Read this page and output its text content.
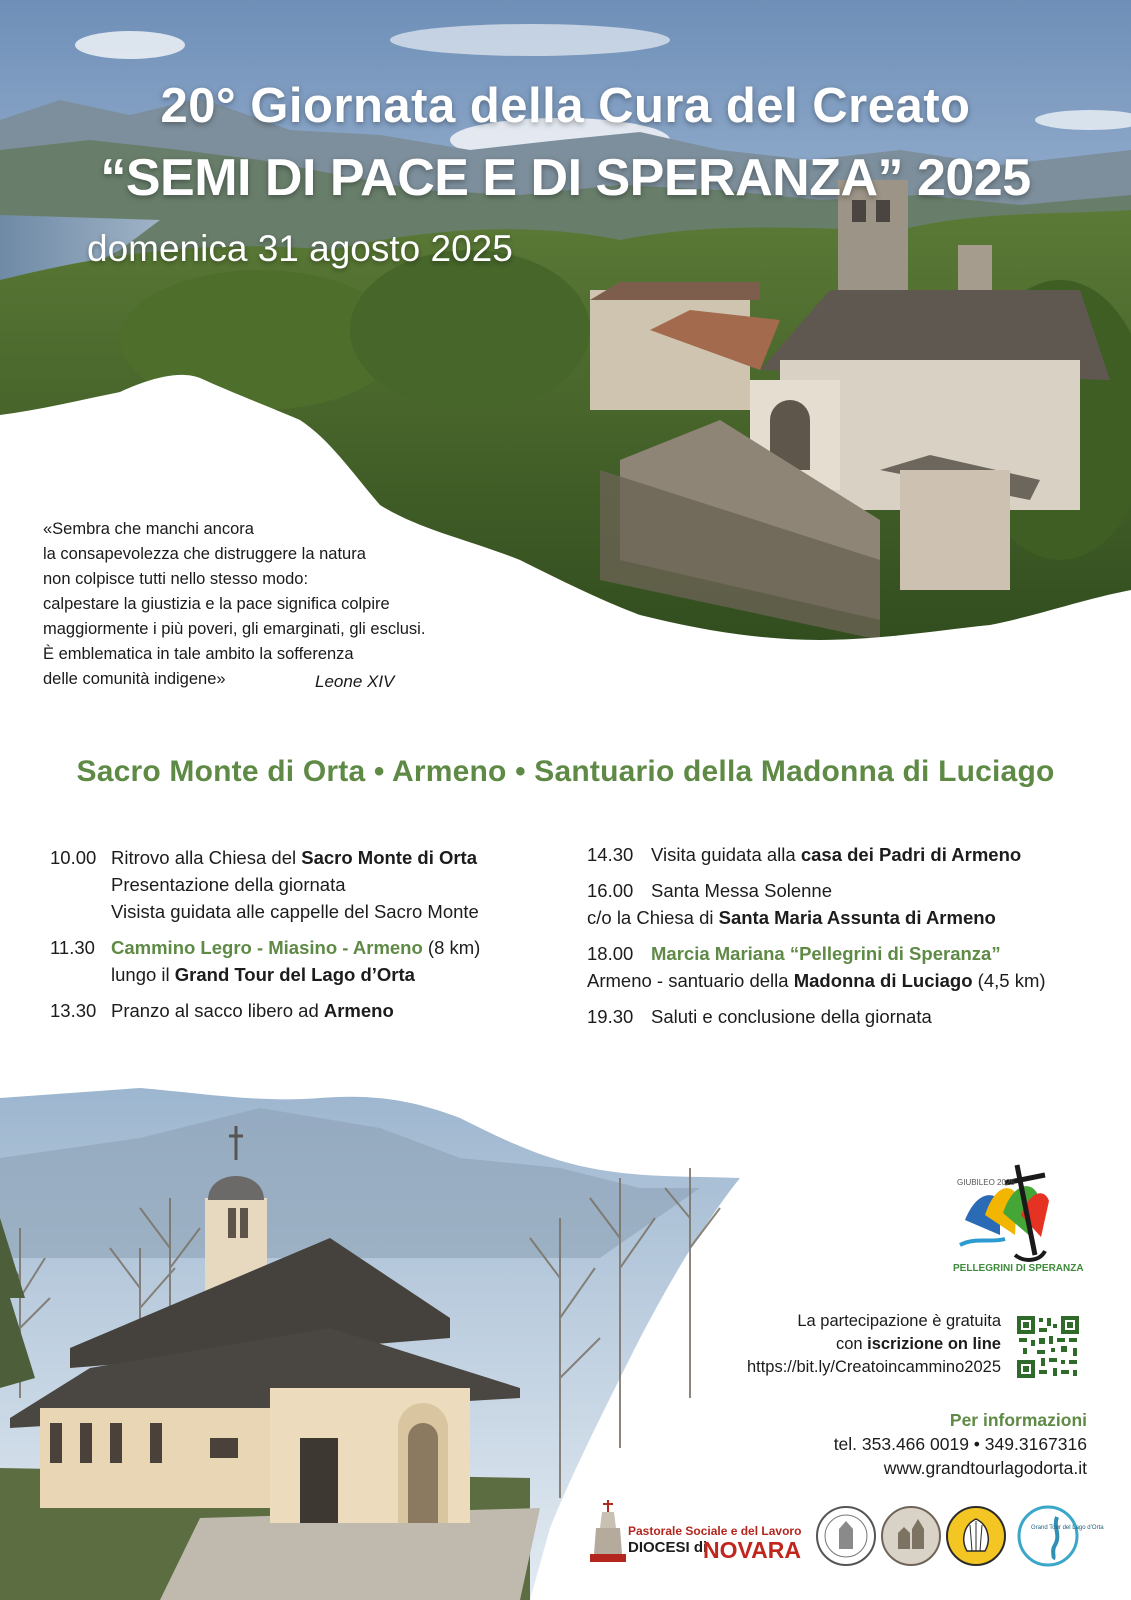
20° Giornata della Cura del Creato
“SEMI DI PACE E DI SPERANZA” 2025
domenica 31 agosto 2025
«Sembra che manchi ancora
la consapevolezza che distruggere la natura
non colpisce tutti nello stesso modo:
calpestare la giustizia e la pace significa colpire
maggiormente i più poveri, gli emarginati, gli esclusi.
È emblematica in tale ambito la sofferenza
delle comunità indigene»	Leone XIV
Sacro Monte di Orta • Armeno • Santuario della Madonna di Luciago
10.00 Ritrovo alla Chiesa del Sacro Monte di Orta
Presentazione della giornata
Visista guidata alle cappelle del Sacro Monte
11.30 Cammino Legro - Miasino - Armeno (8 km)
lungo il Grand Tour del Lago d’Orta
13.30 Pranzo al sacco libero ad Armeno
14.30 Visita guidata alla casa dei Padri di Armeno
16.00 Santa Messa Solenne
c/o la Chiesa di Santa Maria Assunta di Armeno
18.00 Marcia Mariana “Pellegrini di Speranza”
Armeno - santuario della Madonna di Luciago (4,5 km)
19.30 Saluti e conclusione della giornata
GIUBILEO 2025
PELLEGRINI DI SPERANZA
La partecipazione è gratuita
con iscrizione on line
https://bit.ly/Creatoincammino2025
Per informazioni
tel. 353.466 0019 • 349.3167316
www.grandtourlagodorta.it
Pastorale Sociale e del Lavoro
DIOCESI di
NOVARA
Grand Tour del Lago d’Orta
